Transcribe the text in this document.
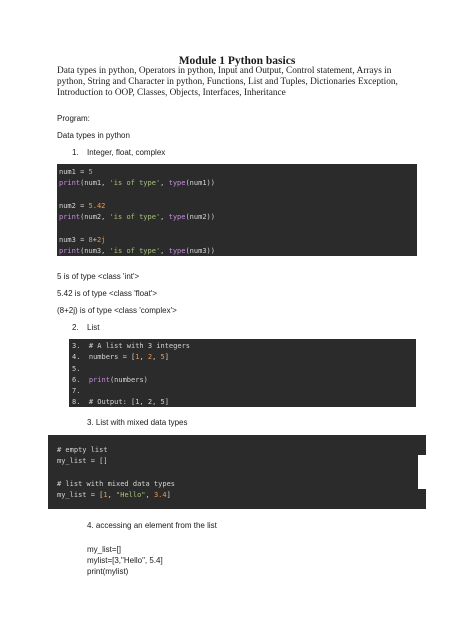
Module 1 Python basics
Data types in python, Operators in python, Input and Output, Control statement, Arrays in
python, String and Character in python, Functions, List and Tuples, Dictionaries Exception,
Introduction to OOP, Classes, Objects, Interfaces, Inheritance
Program:
Data types in python
1. Integer, float, complex
num1 = 5
print(num1, 'is of type', type(num1))
num2 = 5.42
print(num2, 'is of type', type(num2))
num3 = 8+2j
print(num3, 'is of type', type(num3))
5 is of type <class 'int'>
5.42 is of type <class 'float'>
(8+2j) is of type <class 'complex'>
2. List
3.  # A list with 3 integers
4.  numbers = [1, 2, 5]
5.
6.  print(numbers)
7.
8.  # Output: [1, 2, 5]
3. List with mixed data types
# empty list
my_list = []
# list with mixed data types
my_list = [1, "Hello", 3.4]
4. accessing an element from the list
my_list=[]
mylist=[3,"Hello", 5.4]
print(mylist)
